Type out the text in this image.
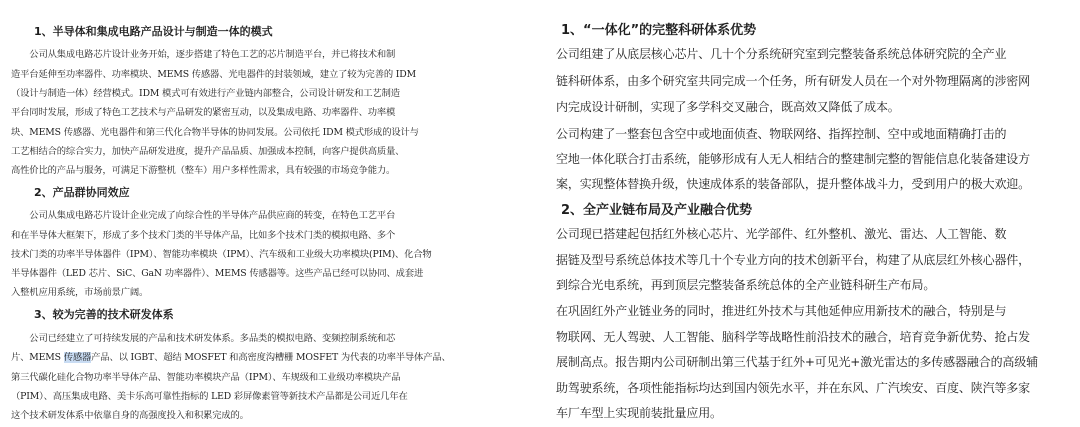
1、半导体和集成电路产品设计与制造一体的模式
　　公司从集成电路芯片设计业务开始，逐步搭建了特色工艺的芯片制造平台，并已将技术和制
造平台延伸至功率器件、功率模块、MEMS 传感器、光电器件的封装领域，建立了较为完善的 IDM
（设计与制造一体）经营模式。IDM 模式可有效进行产业链内部整合，公司设计研发和工艺制造
平台同时发展，形成了特色工艺技术与产品研发的紧密互动，以及集成电路、功率器件、功率模
块、MEMS 传感器、光电器件和第三代化合物半导体的协同发展。公司依托 IDM 模式形成的设计与
工艺相结合的综合实力，加快产品研发进度，提升产品品质、加强成本控制，向客户提供高质量、
高性价比的产品与服务，可满足下游整机（整车）用户多样性需求，具有较强的市场竞争能力。
2、产品群协同效应
　　公司从集成电路芯片设计企业完成了向综合性的半导体产品供应商的转变，在特色工艺平台
和在半导体大框架下，形成了多个技术门类的半导体产品，比如多个技术门类的模拟电路、多个
技术门类的功率半导体器件（IPM）、智能功率模块（IPM）、汽车级和工业级大功率模块(PIM)、化合物
半导体器件（LED 芯片、SiC、GaN 功率器件）、MEMS 传感器等。这些产品已经可以协同、成套进
入整机应用系统，市场前景广阔。
3、较为完善的技术研发体系
　　公司已经建立了可持续发展的产品和技术研发体系。多品类的模拟电路、变频控制系统和芯
片、MEMS 传感器产品、以 IGBT、超结 MOSFET 和高密度沟槽栅 MOSFET 为代表的功率半导体产品、
第三代碳化硅化合物功率半导体产品、智能功率模块产品（IPM）、车规级和工业级功率模块产品
（PIM）、高压集成电路、美卡乐高可靠性指标的 LED 彩屏像素管等新技术产品都是公司近几年在
这个技术研发体系中依靠自身的高强度投入和积累完成的。
1、“一体化”的完整科研体系优势
公司组建了从底层核心芯片、几十个分系统研究室到完整装备系统总体研究院的全产业
链科研体系，由多个研究室共同完成一个任务，所有研发人员在一个对外物理隔离的涉密网
内完成设计研制，实现了多学科交叉融合，既高效又降低了成本。
公司构建了一整套包含空中或地面侦查、物联网络、指挥控制、空中或地面精确打击的
空地一体化联合打击系统，能够形成有人无人相结合的整建制完整的智能信息化装备建设方
案，实现整体替换升级，快速成体系的装备部队，提升整体战斗力，受到用户的极大欢迎。
2、全产业链布局及产业融合优势
公司现已搭建起包括红外核心芯片、光学部件、红外整机、激光、雷达、人工智能、数
据链及型号系统总体技术等几十个专业方向的技术创新平台，构建了从底层红外核心器件，
到综合光电系统，再到顶层完整装备系统总体的全产业链科研生产布局。
在巩固红外产业链业务的同时，推进红外技术与其他延伸应用新技术的融合，特别是与
物联网、无人驾驶、人工智能、脑科学等战略性前沿技术的融合，培育竞争新优势、抢占发
展制高点。报告期内公司研制出第三代基于红外+可见光+激光雷达的多传感器融合的高级辅
助驾驶系统，各项性能指标均达到国内领先水平，并在东风、广汽埃安、百度、陕汽等多家
车厂车型上实现前装批量应用。
